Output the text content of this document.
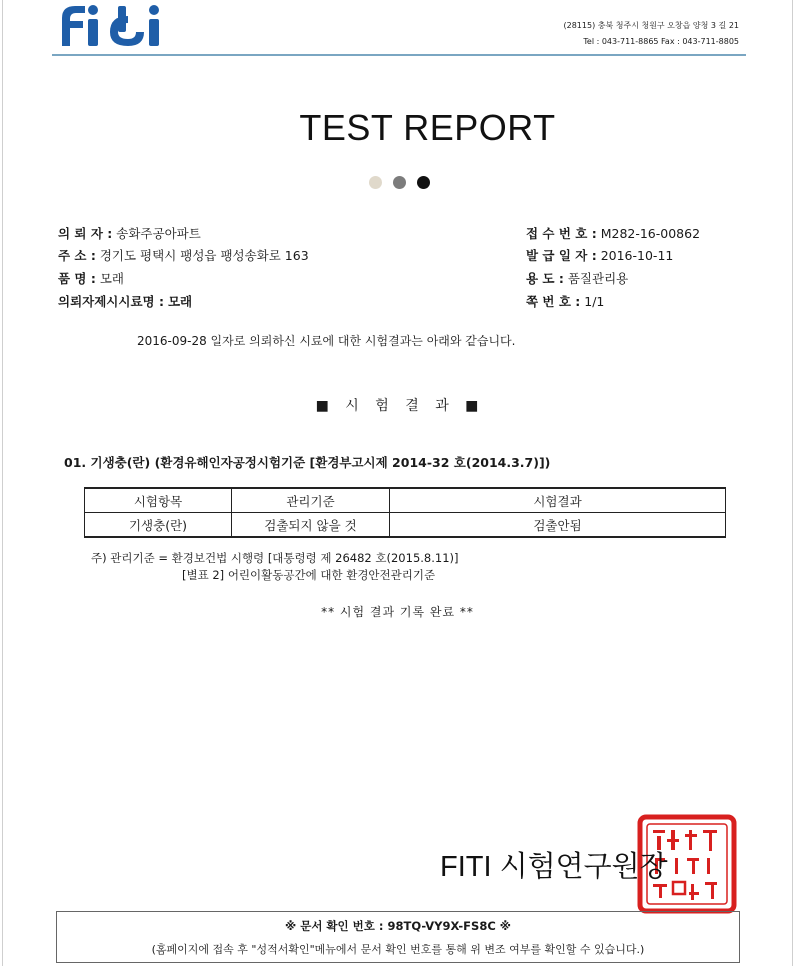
(28115) 충북 청주시 청원구 오창읍 양청 3 길 21
Tel : 043-711-8865 Fax : 043-711-8805
TEST REPORT
의 뢰 자 : 송화주공아파트
주 소 : 경기도 평택시 팽성읍 팽성송화로 163
품 명 : 모래
의뢰자제시시료명 : 모래
접 수 번 호 : M282-16-00862
발 급 일 자 : 2016-10-11
용 도 : 품질관리용
쪽 번 호 : 1/1
2016-09-28 일자로 의뢰하신 시료에 대한 시험결과는 아래와 같습니다.
■ 시 험 결 과 ■
01. 기생충(란) (환경유해인자공정시험기준 [환경부고시제 2014-32 호(2014.3.7)])
시험항목	관리기준	시험결과
기생충(란)	검출되지 않을 것	검출안됨
주) 관리기준 = 환경보건법 시행령 [대통령령 제 26482 호(2015.8.11)]
[별표 2] 어린이활동공간에 대한 환경안전관리기준
** 시험 결과 기록 완료 **
FITI 시험연구원장
※ 문서 확인 번호 : 98TQ-VY9X-FS8C ※
(홈페이지에 접속 후 "성적서확인"메뉴에서 문서 확인 번호를 통해 위 변조 여부를 확인할 수 있습니다.)
